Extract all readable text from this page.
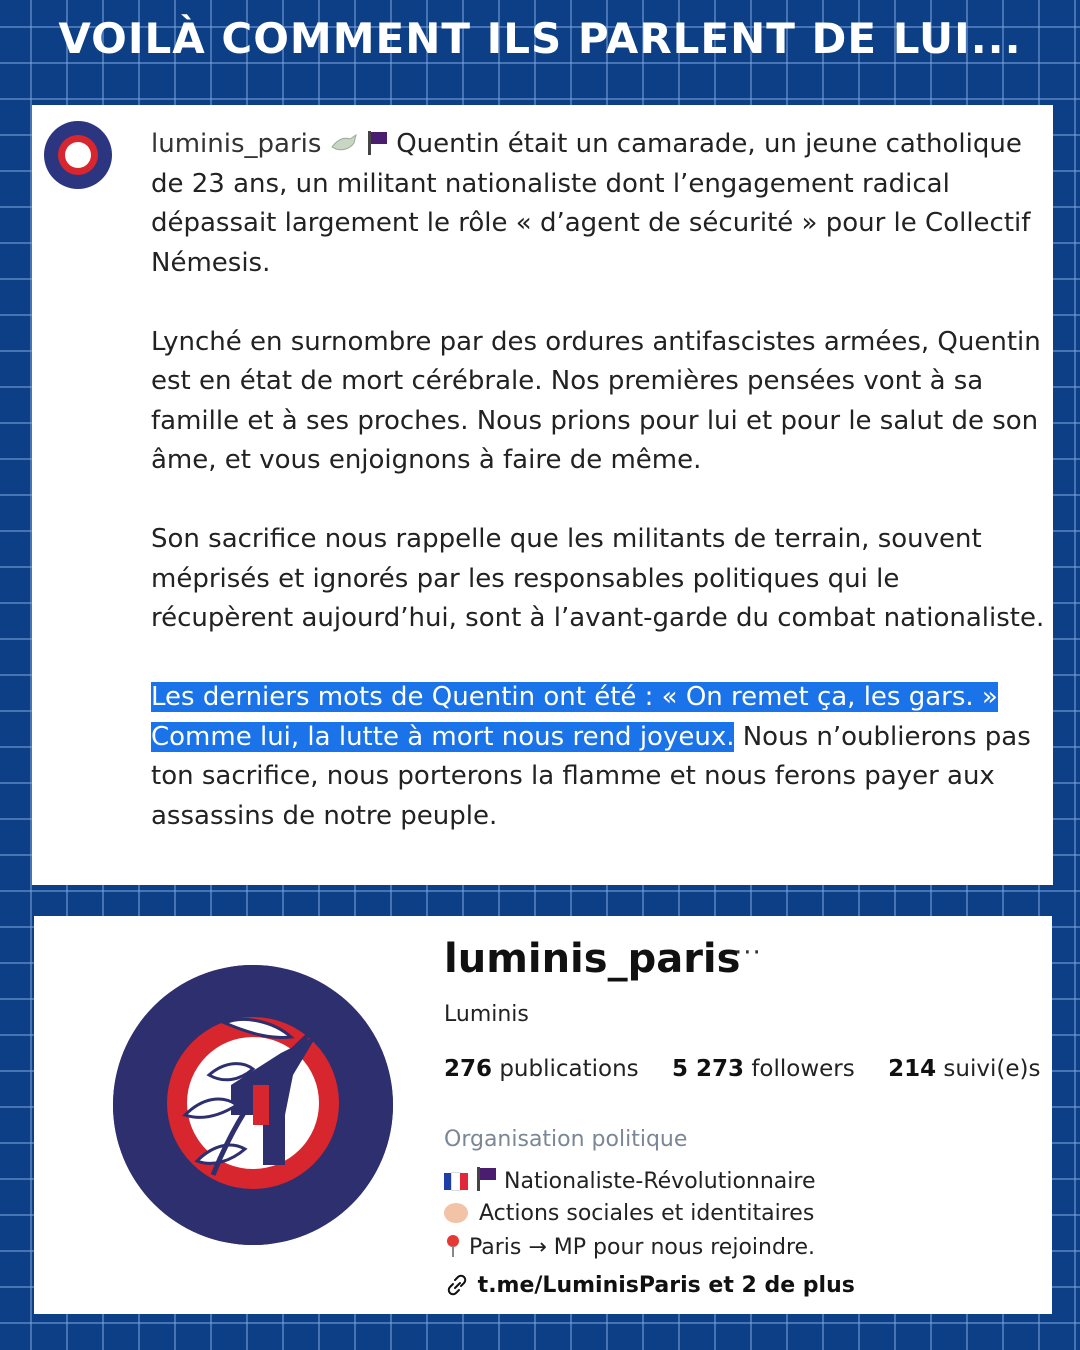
VOILÀ COMMENT ILS PARLENT DE LUI...

luminis_paris	Quentin était un camarade, un jeune catholique de 23 ans, un militant nationaliste dont l’engagement radical dépassait largement le rôle « d’agent de sécurité » pour le Collectif Némesis.

Lynché en surnombre par des ordures antifascistes armées, Quentin est en état de mort cérébrale. Nos premières pensées vont à sa famille et à ses proches. Nous prions pour lui et pour le salut de son âme, et vous enjoignons à faire de même.

Son sacrifice nous rappelle que les militants de terrain, souvent méprisés et ignorés par les responsables politiques qui le récupèrent aujourd’hui, sont à l’avant-garde du combat nationaliste.

Les derniers mots de Quentin ont été : « On remet ça, les gars. » Comme lui, la lutte à mort nous rend joyeux. Nous n’oublierons pas ton sacrifice, nous porterons la flamme et nous ferons payer aux assassins de notre peuple.

luminis_paris
···
Luminis
276 publications 5 273 followers 214 suivi(e)s
Organisation politique

Nationaliste-Révolutionnaire
Actions sociales et identitaires
Paris → MP pour nous rejoindre.
t.me/LuminisParis et 2 de plus
